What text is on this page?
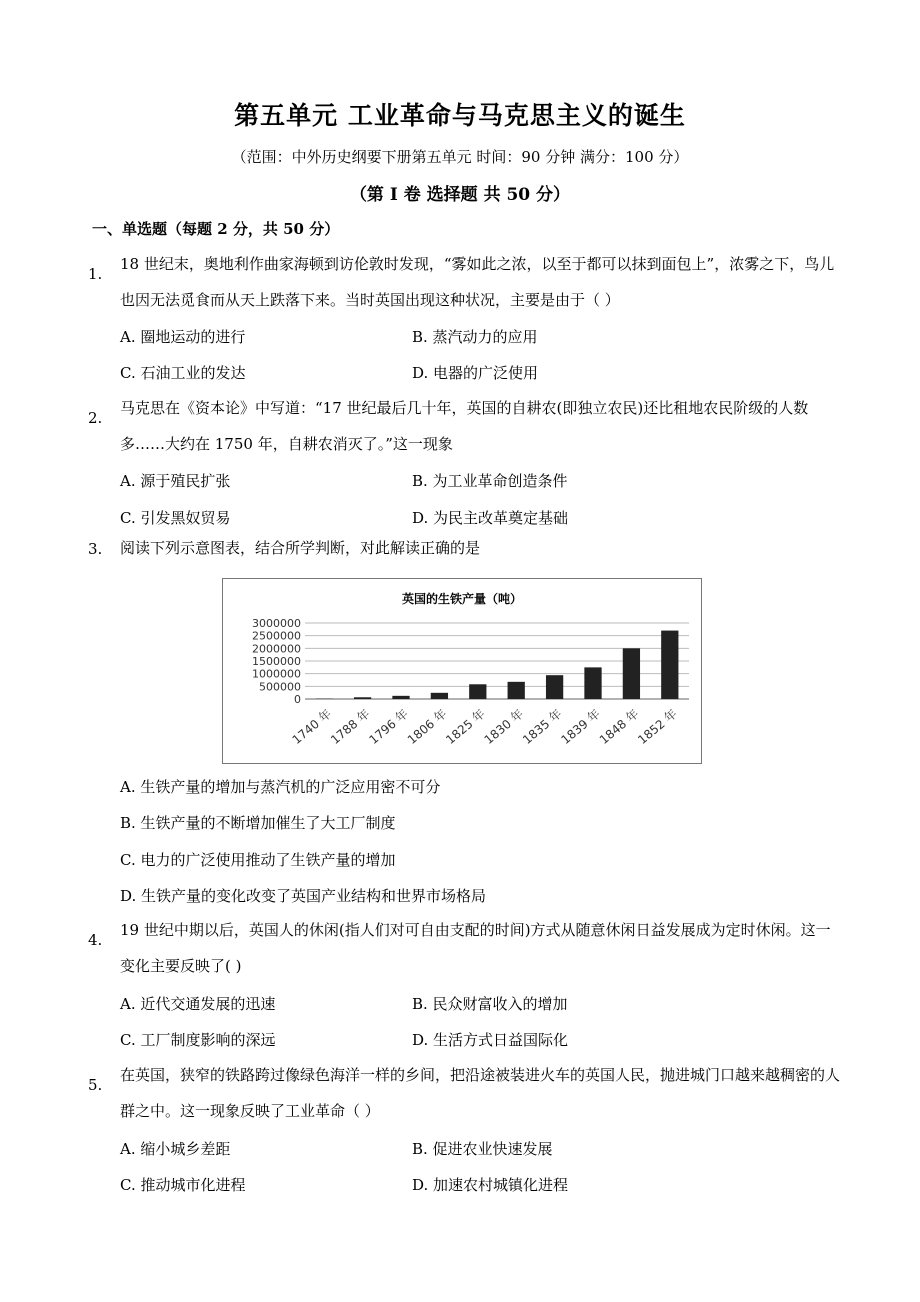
第五单元 工业革命与马克思主义的诞生
（范围：中外历史纲要下册第五单元 时间：90 分钟 满分：100 分）
（第 I 卷 选择题 共 50 分）
一、单选题（每题 2 分，共 50 分）
1.
18 世纪末，奥地利作曲家海顿到访伦敦时发现，“雾如此之浓，以至于都可以抹到面包上”，浓雾之下，鸟儿也因无法觅食而从天上跌落下来。当时英国出现这种状况，主要是由于（ ）
A. 圈地运动的进行	B. 蒸汽动力的应用
C. 石油工业的发达	D. 电器的广泛使用
2.
马克思在《资本论》中写道：“17 世纪最后几十年，英国的自耕农(即独立农民)还比租地农民阶级的人数多……大约在 1750 年，自耕农消灭了。”这一现象
A. 源于殖民扩张	B. 为工业革命创造条件
C. 引发黑奴贸易	D. 为民主改革奠定基础
3. 阅读下列示意图表，结合所学判断，对此解读正确的是
英国的生铁产量（吨）
0
500000
1000000
1500000
2000000
2500000
3000000
1740 年
1788 年
1796 年
1806 年
1825 年
1830 年
1835 年
1839 年
1848 年
1852 年
A. 生铁产量的增加与蒸汽机的广泛应用密不可分
B. 生铁产量的不断增加催生了大工厂制度
C. 电力的广泛使用推动了生铁产量的增加
D. 生铁产量的变化改变了英国产业结构和世界市场格局
4.
19 世纪中期以后，英国人的休闲(指人们对可自由支配的时间)方式从随意休闲日益发展成为定时休闲。这一变化主要反映了( )
A. 近代交通发展的迅速	B. 民众财富收入的增加
C. 工厂制度影响的深远	D. 生活方式日益国际化
5.
在英国，狭窄的铁路跨过像绿色海洋一样的乡间，把沿途被装进火车的英国人民，抛进城门口越来越稠密的人群之中。这一现象反映了工业革命（ ）
A. 缩小城乡差距	B. 促进农业快速发展
C. 推动城市化进程	D. 加速农村城镇化进程
